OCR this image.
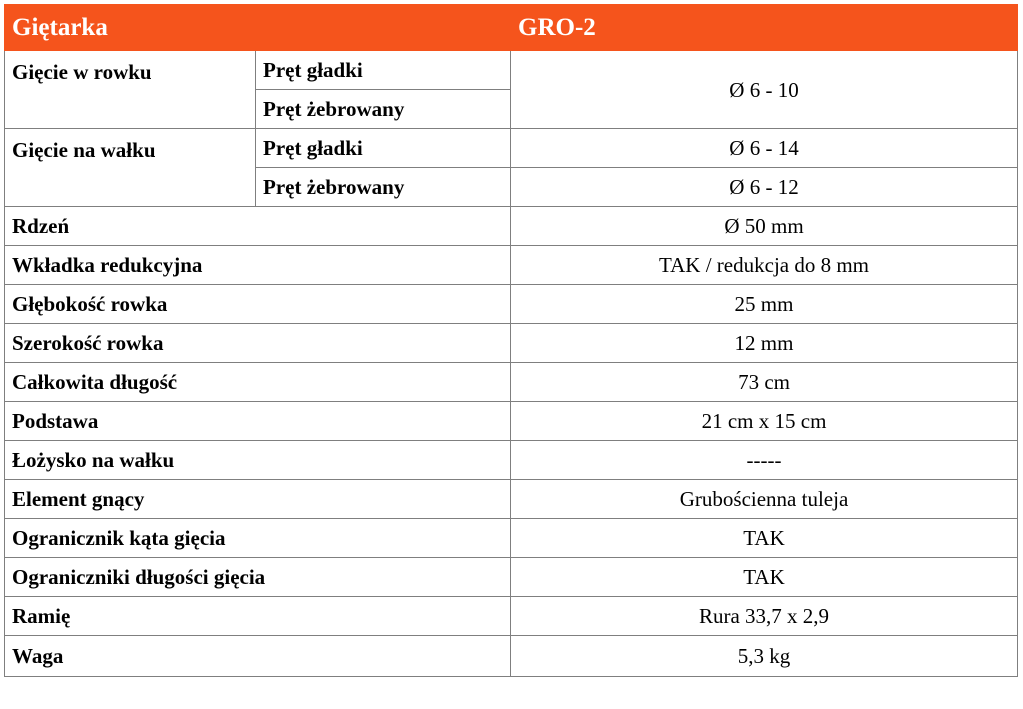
Giętarka		GRO-2
Gięcie w rowku	Pręt gładki	Ø 6 - 10
	Pręt żebrowany	
Gięcie na wałku	Pręt gładki	Ø 6 - 14
	Pręt żebrowany	Ø 6 - 12
Rdzeń		Ø 50 mm
Wkładka redukcyjna		TAK / redukcja do 8 mm
Głębokość rowka		25 mm
Szerokość rowka		12 mm
Całkowita długość		73 cm
Podstawa		21 cm x 15 cm
Łożysko na wałku		-----
Element gnący		Grubościenna tuleja
Ogranicznik kąta gięcia		TAK
Ograniczniki długości gięcia		TAK
Ramię		Rura 33,7 x 2,9
Waga		5,3 kg
